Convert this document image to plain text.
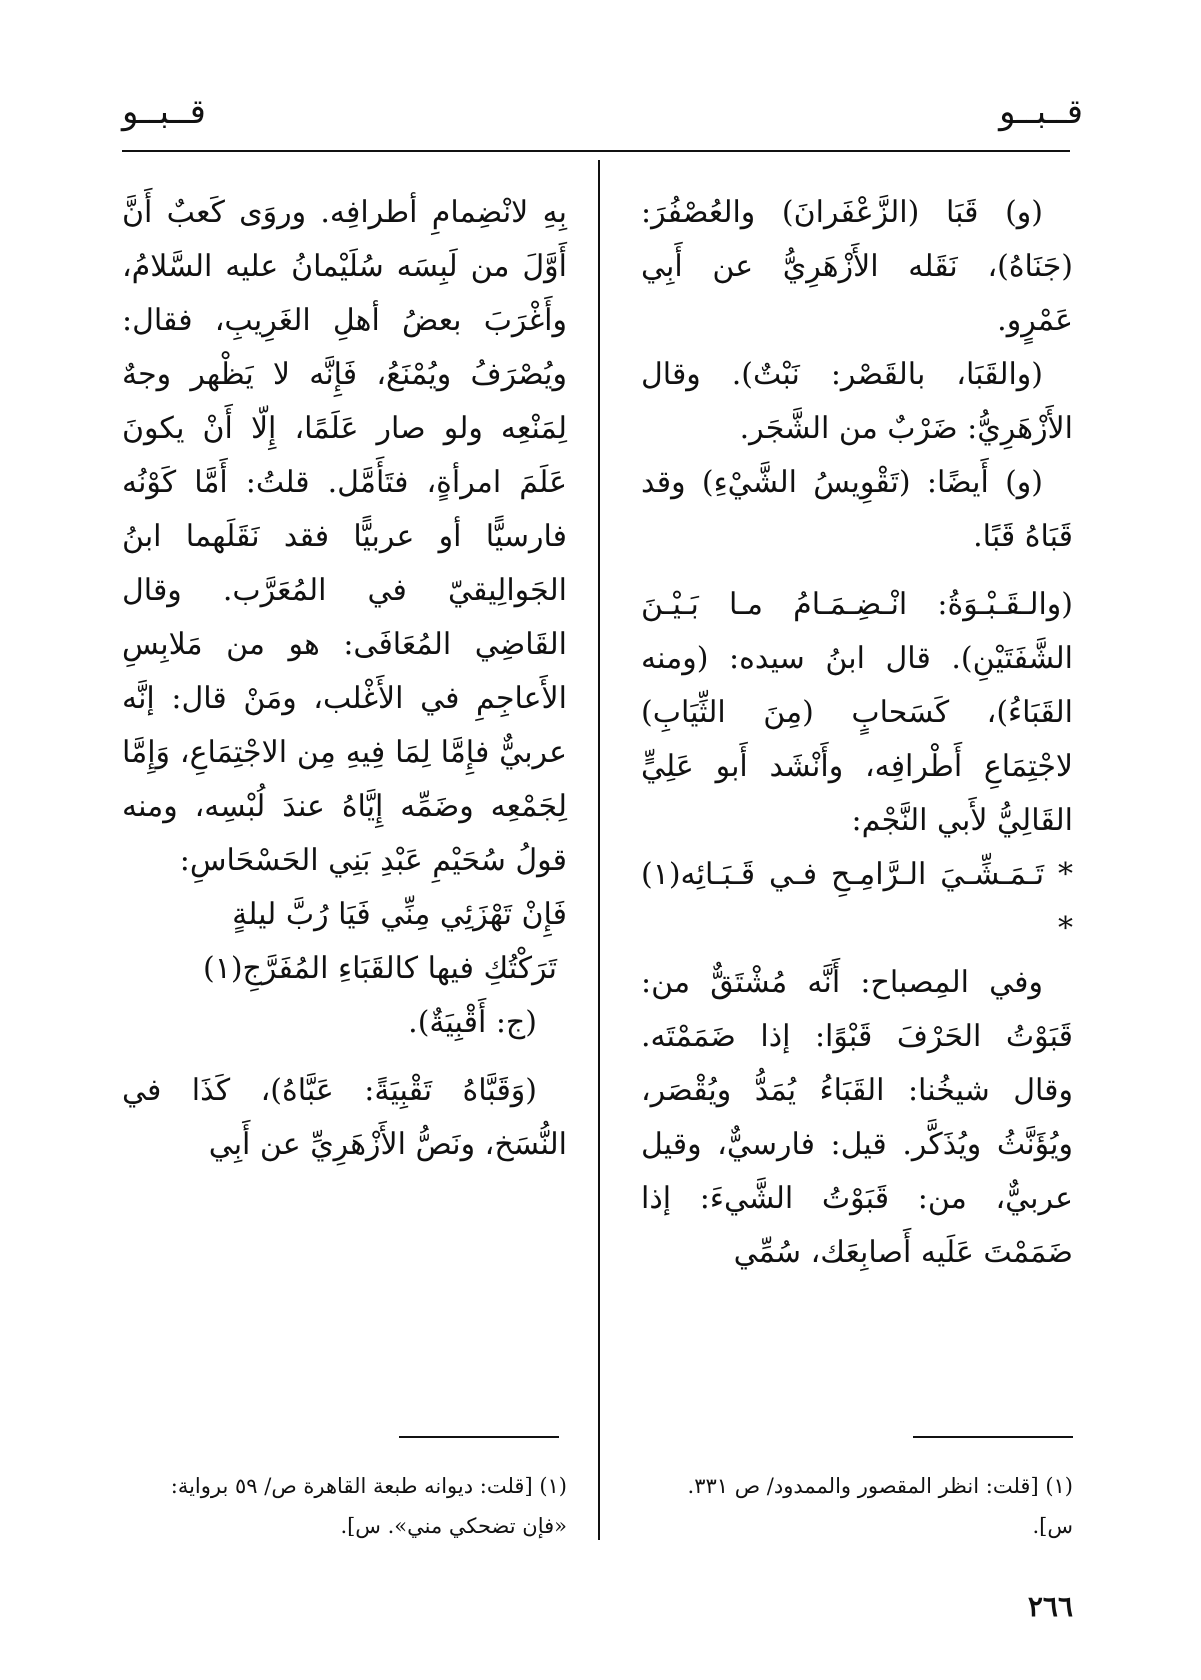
قــبــو
قــبــو

(و) قَبَا (الزَّعْفَرانَ) والعُصْفُرَ: (جَنَاهُ)، نَقَله الأَزْهَرِيُّ عن أَبِي عَمْرٍو.

(والقَبَا، بالقَصْر: نَبْتٌ). وقال الأَزْهَرِيُّ: ضَرْبٌ من الشَّجَر.

(و) أَيضًا: (تَقْوِيسُ الشَّيْءِ) وقد قَبَاهُ قَبًا.

(والـقَـبْـوَةُ: انْـضِـمَـامُ مـا بَـيْـنَ الشَّفَتَيْنِ). قال ابنُ سيده: (ومنه القَبَاءُ)، كَسَحابٍ (مِنَ الثِّيَابِ) لاجْتِمَاعِ أَطْرافِه، وأَنْشَد أَبو عَلِيٍّ القَالِيُّ لأَبي النَّجْم:

* تَـمَـشِّـيَ الـرَّامِـحِ فـي قَـبَـائِه(١) *

وفي المِصباح: أَنَّه مُشْتَقٌّ من: قَبَوْتُ الحَرْفَ قَبْوًا: إذا ضَمَمْتَه. وقال شيخُنا: القَبَاءُ يُمَدُّ ويُقْصَر، ويُؤَنَّثُ ويُذَكَّر. قيل: فارسيٌّ، وقيل عربيٌّ، من: قَبَوْتُ الشَّيءَ: إذا ضَمَمْتَ عَلَيه أَصابِعَك، سُمِّي

بِهِ لانْضِمامِ أطرافِه. وروَى كَعبٌ أَنَّ أَوَّلَ من لَبِسَه سُلَيْمانُ عليه السَّلامُ، وأَغْرَبَ بعضُ أهلِ الغَرِيبِ، فقال: ويُصْرَفُ ويُمْنَعُ، فَإِنَّه لا يَظْهر وجهٌ لِمَنْعِه ولو صار عَلَمًا، إِلّا أَنْ يكونَ عَلَمَ امرأةٍ، فتَأَمَّل. قلتُ: أَمَّا كَوْنُه فارسيًّا أو عربيًّا فقد نَقَلَهما ابنُ الجَوالِيقيّ في المُعَرَّب. وقال القَاضِي المُعَافَى: هو من مَلابِسِ الأَعاجِمِ في الأَغْلب، ومَنْ قال: إنَّه عربيٌّ فإِمَّا لِمَا فِيهِ مِن الاجْتِمَاعِ، وَإِمَّا لِجَمْعِه وضَمِّه إِيَّاهُ عندَ لُبْسِه، ومنه قولُ سُحَيْمِ عَبْدِ بَنِي الحَسْحَاسِ:

فَإِنْ تَهْزَئِي مِنِّي فَيَا رُبَّ ليلةٍ

تَرَكْتُكِ فيها كالقَبَاءِ المُفَرَّجِ(١)

(ج: أَقْبِيَةٌ).

(وَقَبَّاهُ تَقْبِيَةً: عَبَّاهُ)، كَذَا في النُّسَخ، ونَصُّ الأَزْهَرِيِّ عن أَبِي

(١) [قلت: انظر المقصور والممدود/ ص ٣٣١. س].
(١) [قلت: ديوانه طبعة القاهرة ص/ ٥٩ برواية: «فإن تضحكي مني». س].
٢٦٦
